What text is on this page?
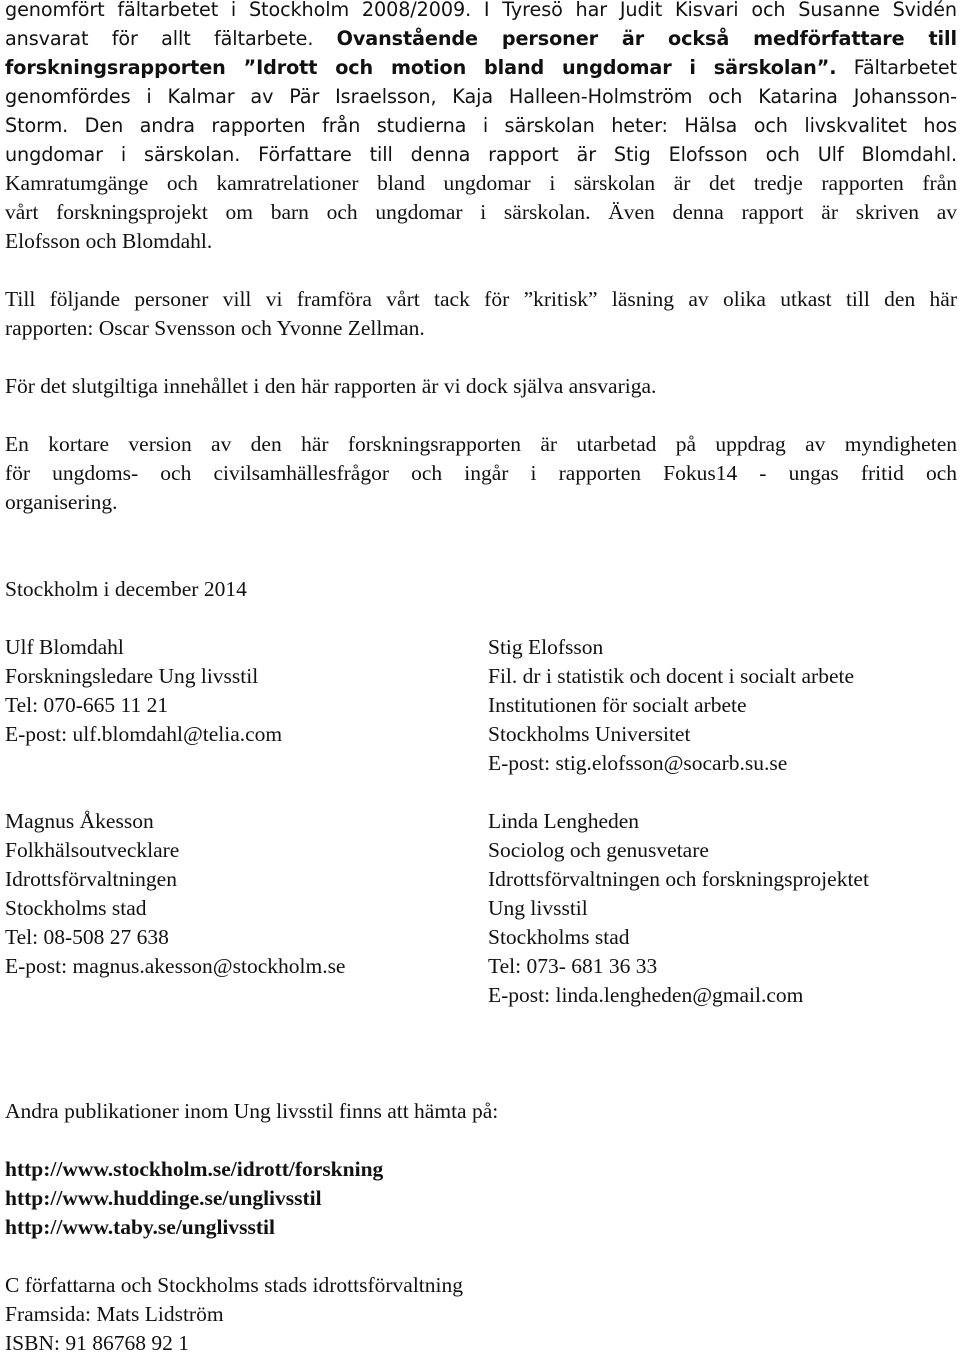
genomfört fältarbetet i Stockholm 2008/2009. I Tyresö har Judit Kisvari och Susanne Svidén

ansvarat för allt fältarbete. Ovanstående personer är också medförfattare till

forskningsrapporten ”Idrott och motion bland ungdomar i särskolan”. Fältarbetet

genomfördes i Kalmar av Pär Israelsson, Kaja Halleen-Holmström och Katarina Johansson-

Storm. Den andra rapporten från studierna i särskolan heter: Hälsa och livskvalitet hos

ungdomar i särskolan. Författare till denna rapport är Stig Elofsson och Ulf Blomdahl.

Kamratumgänge och kamratrelationer bland ungdomar i särskolan är det tredje rapporten från

vårt forskningsprojekt om barn och ungdomar i särskolan. Även denna rapport är skriven av

Elofsson och Blomdahl.

Till följande personer vill vi framföra vårt tack för ”kritisk” läsning av olika utkast till den här

rapporten: Oscar Svensson och Yvonne Zellman.

För det slutgiltiga innehållet i den här rapporten är vi dock själva ansvariga.

En kortare version av den här forskningsrapporten är utarbetad på uppdrag av myndigheten

för ungdoms- och civilsamhällesfrågor och ingår i rapporten Fokus14 - ungas fritid och

organisering.

Stockholm i december 2014

Ulf Blomdahl
Forskningsledare Ung livsstil
Tel: 070-665 11 21
E-post: ulf.blomdahl@telia.com
Stig Elofsson
Fil. dr i statistik och docent i socialt arbete
Institutionen för socialt arbete
Stockholms Universitet
E-post: stig.elofsson@socarb.su.se
Magnus Åkesson
Folkhälsoutvecklare
Idrottsförvaltningen
Stockholms stad
Tel: 08-508 27 638
E-post: magnus.akesson@stockholm.se
Linda Lengheden
Sociolog och genusvetare
Idrottsförvaltningen och forskningsprojektet
Ung livsstil
Stockholms stad
Tel: 073- 681 36 33
E-post: linda.lengheden@gmail.com

Andra publikationer inom Ung livsstil finns att hämta på:

http://www.stockholm.se/idrott/forskning
http://www.huddinge.se/unglivsstil
http://www.taby.se/unglivsstil

C författarna och Stockholms stads idrottsförvaltning

Framsida: Mats Lidström

ISBN: 91 86768 92 1
